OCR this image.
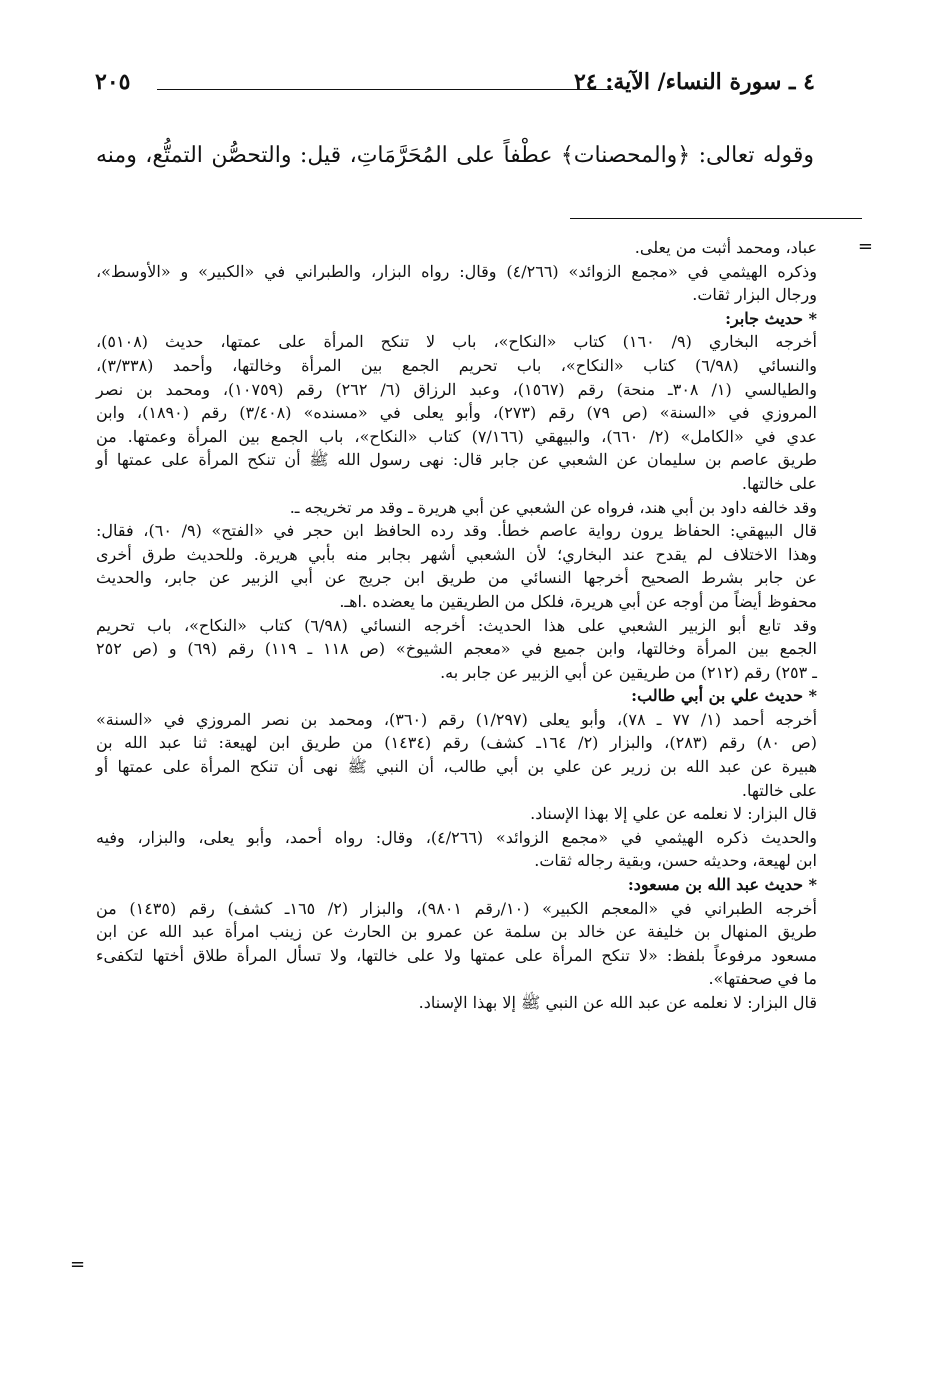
٤ ـ سورة النساء/ الآية: ٢٤
٢٠٥
وقوله تعالى: ﴿والمحصنات﴾ عطْفاً على المُحَرَّمَاتِ، قيل: والتحصُّن التمتُّع، ومنه
=
عباد، ومحمد أثبت من يعلى.
وذكره الهيثمي في «مجمع الزوائد» (٤/٢٦٦) وقال: رواه البزار، والطبراني في «الكبير» و «الأوسط»،
ورجال البزار ثقات.
* حديث جابر:
أخرجه البخاري (٩/ ١٦٠) كتاب «النكاح»، باب لا تنكح المرأة على عمتها، حديث (٥١٠٨)،
والنسائي (٦/٩٨) كتاب «النكاح»، باب تحريم الجمع بين المرأة وخالتها، وأحمد (٣/٣٣٨)،
والطيالسي (١/ ٣٠٨ـ منحة) رقم (١٥٦٧)، وعبد الرزاق (٦/ ٢٦٢) رقم (١٠٧٥٩)، ومحمد بن نصر
المروزي في «السنة» (ص ٧٩) رقم (٢٧٣)، وأبو يعلى في «مسنده» (٣/٤٠٨) رقم (١٨٩٠)، وابن
عدي في «الكامل» (٢/ ٦٦٠)، والبيهقي (٧/١٦٦) كتاب «النكاح»، باب الجمع بين المرأة وعمتها. من
طريق عاصم بن سليمان عن الشعبي عن جابر قال: نهى رسول الله ﷺ أن تنكح المرأة على عمتها أو
على خالتها.
وقد خالفه داود بن أبي هند، فرواه عن الشعبي عن أبي هريرة ـ وقد مر تخريجه ـ.
قال البيهقي: الحفاظ يرون رواية عاصم خطأ. وقد رده الحافظ ابن حجر في «الفتح» (٩/ ٦٠)، فقال:
وهذا الاختلاف لم يقدح عند البخاري؛ لأن الشعبي أشهر بجابر منه بأبي هريرة. وللحديث طرق أخرى
عن جابر بشرط الصحيح أخرجها النسائي من طريق ابن جريج عن أبي الزبير عن جابر، والحديث
محفوظ أيضاً من أوجه عن أبي هريرة، فلكل من الطريقين ما يعضده .اهـ.
وقد تابع أبو الزبير الشعبي على هذا الحديث: أخرجه النسائي (٦/٩٨) كتاب «النكاح»، باب تحريم
الجمع بين المرأة وخالتها، وابن جميع في «معجم الشيوخ» (ص ١١٨ ـ ١١٩) رقم (٦٩) و (ص ٢٥٢
ـ ٢٥٣) رقم (٢١٢) من طريقين عن أبي الزبير عن جابر به.
* حديث علي بن أبي طالب:
أخرجه أحمد (١/ ٧٧ ـ ٧٨)، وأبو يعلى (١/٢٩٧) رقم (٣٦٠)، ومحمد بن نصر المروزي في «السنة»
(ص ٨٠) رقم (٢٨٣)، والبزار (٢/ ١٦٤ـ كشف) رقم (١٤٣٤) من طريق ابن لهيعة: ثنا عبد الله بن
هبيرة عن عبد الله بن زرير عن علي بن أبي طالب، أن النبي ﷺ نهى أن تنكح المرأة على عمتها أو
على خالتها.
قال البزار: لا نعلمه عن علي إلا بهذا الإسناد.
والحديث ذكره الهيثمي في «مجمع الزوائد» (٤/٢٦٦)، وقال: رواه أحمد، وأبو يعلى، والبزار، وفيه
ابن لهيعة، وحديثه حسن، وبقية رجاله ثقات.
* حديث عبد الله بن مسعود:
أخرجه الطبراني في «المعجم الكبير» (١٠/رقم ٩٨٠١)، والبزار (٢/ ١٦٥ـ كشف) رقم (١٤٣٥) من
طريق المنهال بن خليفة عن خالد بن سلمة عن عمرو بن الحارث عن زينب امرأة عبد الله عن ابن
مسعود مرفوعاً بلفظ: «لا تنكح المرأة على عمتها ولا على خالتها، ولا تسأل المرأة طلاق أختها لتكفىء
ما في صحفتها».
قال البزار: لا نعلمه عن عبد الله عن النبي ﷺ إلا بهذا الإسناد.
=
